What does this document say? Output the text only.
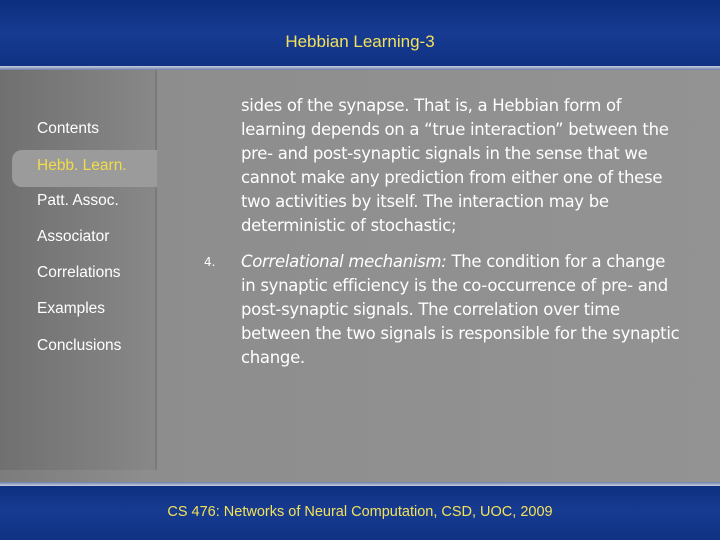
Hebbian Learning-3
Contents
Hebb. Learn.
Patt. Assoc.
Associator
Correlations
Examples
Conclusions
sides of the synapse. That is, a Hebbian form of learning depends on a “true interaction” between the pre- and post-synaptic signals in the sense that we cannot make any prediction from either one of these two activities by itself. The interaction may be deterministic of stochastic;
4. Correlational mechanism: The condition for a change in synaptic efficiency is the co-occurrence of pre- and post-synaptic signals. The correlation over time between the two signals is responsible for the synaptic change.
CS 476: Networks of Neural Computation, CSD, UOC, 2009
